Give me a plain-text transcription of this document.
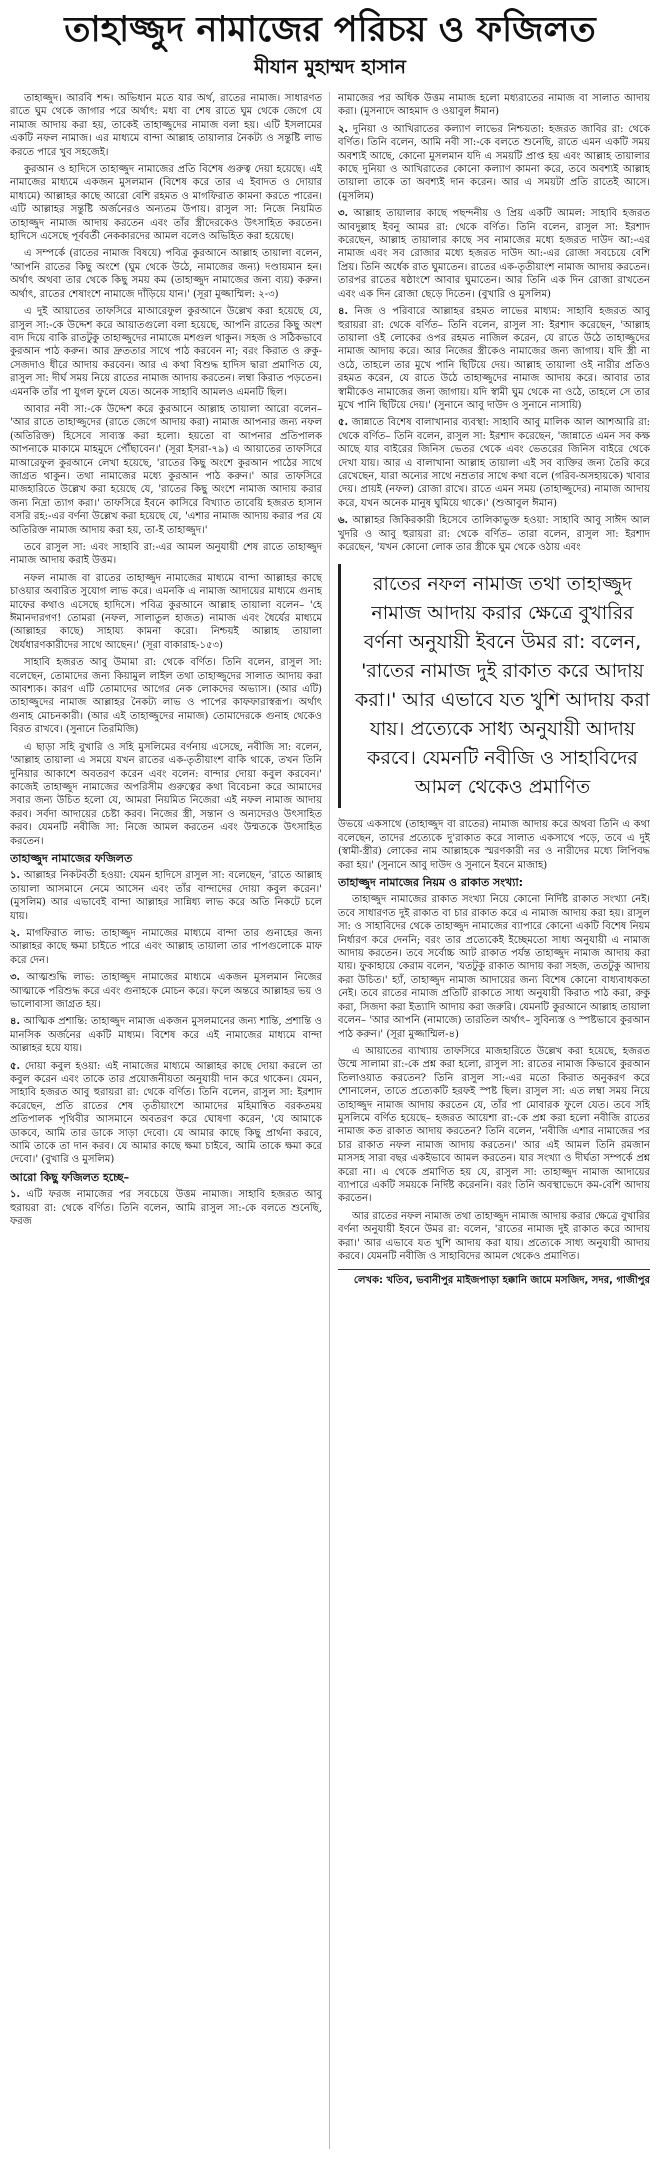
তাহাজ্জুদ নামাজের পরিচয় ও ফজিলত
মীযান মুহাম্মদ হাসান

তাহাজ্জুদ। আরবি শব্দ। অভিধান মতে যার অর্থ, রাতের নামাজ। সাধারণত রাতে ঘুম থেকে জাগার পরে অর্থাৎ: মধ্য বা শেষ রাতে ঘুম থেকে জেগে যে নামাজ আদায় করা হয়, তাকেই তাহাজ্জুদের নামাজ বলা হয়। এটি ইসলামের একটি নফল নামাজ। এর মাধ্যমে বান্দা আল্লাহ তায়ালার নৈকট্য ও সন্তুষ্টি লাভ করতে পারে খুব সহজেই।

কুরআন ও হাদিসে তাহাজ্জুদ নামাজের প্রতি বিশেষ গুরুত্ব দেয়া হয়েছে। এই নামাজের মাধ্যমে একজন মুসলমান (বিশেষ করে তার এ ইবাদত ও দোয়ার মাধ্যমে) আল্লাহর কাছে আরো বেশি রহমত ও মাগফিরাত কামনা করতে পারেন। এটি আল্লাহর সন্তুষ্টি অর্জনেরও অন্যতম উপায়। রাসুল সা: নিজে নিয়মিত তাহাজ্জুদ নামাজ আদায় করতেন এবং তাঁর স্ত্রীদেরকেও উৎসাহিত করতেন। হাদিসে এসেছে পূর্ববর্তী নেককারদের আমল বলেও অভিহিত করা হয়েছে।

এ সম্পর্কে (রাতের নামাজ বিষয়ে) পবিত্র কুরআনে আল্লাহ তায়ালা বলেন, 'আপনি রাতের কিছু অংশে (ঘুম থেকে উঠে, নামাজের জন্য) দণ্ডায়মান হন। অর্থাৎ অথবা তার থেকে কিছু সময় কম (তাহাজ্জুদ নামাজের জন্য ব্যয়) করুন। অর্থাৎ, রাতের শেষাংশে নামাজে দাঁড়িয়ে যান।' (সূরা মুজ্জাম্মিল: ২-৩)

এ দুই আয়াতের তাফসিরে মাআরেফুল কুরআনে উল্লেখ করা হয়েছে যে, রাসুল সা:-কে উদ্দেশ করে আয়াতগুলো বলা হয়েছে, আপনি রাতের কিছু অংশ বাদ দিয়ে বাকি রাতটুকু তাহাজ্জুদের নামাজে মশগুল থাকুন। সহজ ও সঠিকভাবে কুরআন পাঠ করুন। আর দ্রুততার সাথে পাঠ করবেন না; বরং কিরাত ও রুকু-সেজদাও ধীরে আদায় করবেন। আর এ কথা বিশুদ্ধ হাদিস দ্বারা প্রমাণিত যে, রাসুল সা: দীর্ঘ সময় নিয়ে রাতের নামাজ আদায় করতেন। লম্বা কিরাত পড়তেন। এমনকি তাঁর পা যুগল ফুলে যেত। অনেক সাহাবি আমলও এমনটি ছিল।

আবার নবী সা:-কে উদ্দেশ করে কুরআনে আল্লাহ তায়ালা আরো বলেন– 'আর রাতে তাহাজ্জুদের (রাতে জেগে আদায় করা) নামাজ আপনার জন্য নফল (অতিরিক্ত) হিসেবে সাব্যস্ত করা হলো। হয়তো বা আপনার প্রতিপালক আপনাকে মাকামে মাহমুদে পৌঁছাবেন।' (সূরা ইসরা-৭৯) এ আয়াতের তাফসিরে মাআরেফুল কুরআনে লেখা হয়েছে, 'রাতের কিছু অংশে কুরআন পাঠের সাথে জাগ্রত থাকুন। তথা নামাজের মধ্যে কুরআন পাঠ করুন।' আর তাফসিরে মাজহারিতে উল্লেখ করা হয়েছে যে, 'রাতের কিছু অংশে নামাজ আদায় করার জন্য নিদ্রা ত্যাগ করা।' তাফসিরে ইবনে কাসিরে বিখ্যাত তাবেয়ি হজরত হাসান বসরি রহ:-এর বর্ণনা উল্লেখ করা হয়েছে যে, 'এশার নামাজ আদায় করার পর যে অতিরিক্ত নামাজ আদায় করা হয়, তা-ই তাহাজ্জুদ।'

তবে রাসুল সা: এবং সাহাবি রা:-এর আমল অনুযায়ী শেষ রাতে তাহাজ্জুদ নামাজ আদায় করাই উত্তম।

নফল নামাজ বা রাতের তাহাজ্জুদ নামাজের মাধ্যমে বান্দা আল্লাহর কাছে চাওয়ার অবারিত সুযোগ লাভ করে। এমনকি এ নামাজ আদায়ের মাধ্যমে গুনাহ মাফের কথাও এসেছে হাদিসে। পবিত্র কুরআনে আল্লাহ তায়ালা বলেন– 'হে ঈমানদারগণ! তোমরা (নফল, সালাতুল হাজত) নামাজ এবং ধৈর্যের মাধ্যমে (আল্লাহর কাছে) সাহায্য কামনা করো। নিশ্চয়ই আল্লাহ তায়ালা ধৈর্যধারণকারীদের সাথে আছেন।' (সূরা বাকারাহ-১৫৩)

সাহাবি হজরত আবু উমামা রা: থেকে বর্ণিত। তিনি বলেন, রাসুল সা: বলেছেন, তোমাদের জন্য কিয়ামুল লাইল তথা তাহাজ্জুদের সালাত আদায় করা আবশ্যক। কারণ এটি তোমাদের আগের নেক লোকদের অভ্যাস। (আর এটি) তাহাজ্জুদের নামাজ আল্লাহর নৈকট্য লাভ ও পাপের কাফফারাস্বরূপ। অর্থাৎ গুনাহ মোচনকারী। (আর এই তাহাজ্জুদের নামাজ) তোমাদেরকে গুনাহ থেকেও বিরত রাখবে। (সুনানে তিরমিজি)

এ ছাড়া সহি বুখারি ও সহি মুসলিমের বর্ণনায় এসেছে, নবীজি সা: বলেন, 'আল্লাহ তায়ালা এ সময়ে যখন রাতের এক-তৃতীয়াংশ বাকি থাকে, তখন তিনি দুনিয়ার আকাশে অবতরণ করেন এবং বলেন: বান্দার দোয়া কবুল করবেন।' কাজেই তাহাজ্জুদ নামাজের অপরিসীম গুরুত্বের কথা বিবেচনা করে আমাদের সবার জন্য উচিত হলো যে, আমরা নিয়মিত নিজেরা এই নফল নামাজ আদায় করব। সর্বদা আদায়ের চেষ্টা করব। নিজের স্ত্রী, সন্তান ও অন্যদেরও উৎসাহিত করব। যেমনটি নবীজি সা: নিজে আমল করতেন এবং উম্মতকে উৎসাহিত করতেন।

তাহাজ্জুদ নামাজের ফজিলত
১. আল্লাহর নিকটবর্তী হওয়া: যেমন হাদিসে রাসুল সা: বলেছেন, 'রাতে আল্লাহ তায়ালা আসমানে নেমে আসেন এবং তাঁর বান্দাদের দোয়া কবুল করেন।' (মুসলিম) আর এভাবেই বান্দা আল্লাহর সান্নিধ্য লাভ করে অতি নিকটে চলে যায়।
২. মাগফিরাত লাভ: তাহাজ্জুদ নামাজের মাধ্যমে বান্দা তার গুনাহের জন্য আল্লাহর কাছে ক্ষমা চাইতে পারে এবং আল্লাহ তায়ালা তার পাপগুলোকে মাফ করে দেন।
৩. আত্মশুদ্ধি লাভ: তাহাজ্জুদ নামাজের মাধ্যমে একজন মুসলমান নিজের আত্মাকে পরিশুদ্ধ করে এবং গুনাহকে মোচন করে। ফলে অন্তরে আল্লাহর ভয় ও ভালোবাসা জাগ্রত হয়।
৪. আত্মিক প্রশান্তি: তাহাজ্জুদ নামাজ একজন মুসলমানের জন্য শান্তি, প্রশান্তি ও মানসিক অর্জনের একটি মাধ্যম। বিশেষ করে এই নামাজের মাধ্যমে বান্দা আল্লাহর হয়ে যায়।
৫. দোয়া কবুল হওয়া: এই নামাজের মাধ্যমে আল্লাহর কাছে দোয়া করলে তা কবুল করেন এবং তাকে তার প্রয়োজনীয়তা অনুযায়ী দান করে থাকেন। যেমন, সাহাবি হজরত আবু হুরায়রা রা: থেকে বর্ণিত। তিনি বলেন, রাসুল সা: ইরশাদ করেছেন, প্রতি রাতের শেষ তৃতীয়াংশে আমাদের মহিমান্বিত বরকতময় প্রতিপালক পৃথিবীর আসমানে অবতরণ করে ঘোষণা করেন, 'যে আমাকে ডাকবে, আমি তার ডাকে সাড়া দেবো। যে আমার কাছে কিছু প্রার্থনা করবে, আমি তাকে তা দান করব। যে আমার কাছে ক্ষমা চাইবে, আমি তাকে ক্ষমা করে দেবো।' (বুখারি ও মুসলিম)
আরো কিছু ফজিলত হচ্ছে–
১. এটি ফরজ নামাজের পর সবচেয়ে উত্তম নামাজ। সাহাবি হজরত আবু হুরায়রা রা: থেকে বর্ণিত। তিনি বলেন, আমি রাসুল সা:-কে বলতে শুনেছি, ফরজ

নামাজের পর অধিক উত্তম নামাজ হলো মধ্যরাতের নামাজ বা সালাত আদায় করা। (মুসনাদে আহমাদ ও ওয়াবুল ঈমান)

২. দুনিয়া ও আখিরাতের কল্যাণ লাভের নিশ্চয়তা: হজরত জাবির রা: থেকে বর্ণিত। তিনি বলেন, আমি নবী সা:-কে বলতে শুনেছি, রাতে এমন একটি সময় অবশ্যই আছে, কোনো মুসলমান যদি এ সময়টি প্রাপ্ত হয় এবং আল্লাহ তায়ালার কাছে দুনিয়া ও আখিরাতের কোনো কল্যাণ কামনা করে, তবে অবশ্যই আল্লাহ তায়ালা তাকে তা অবশ্যই দান করেন। আর এ সময়টা প্রতি রাতেই আসে। (মুসলিম)
৩. আল্লাহ তায়ালার কাছে পছন্দনীয় ও প্রিয় একটি আমল: সাহাবি হজরত আবদুল্লাহ ইবনু আমর রা: থেকে বর্ণিত। তিনি বলেন, রাসুল সা: ইরশাদ করেছেন, আল্লাহ তায়ালার কাছে সব নামাজের মধ্যে হজরত দাউদ আ:-এর নামাজ এবং সব রোজার মধ্যে হজরত দাউদ আ:-এর রোজা সবচেয়ে বেশি প্রিয়। তিনি অর্ধেক রাত ঘুমাতেন। রাতের এক-তৃতীয়াংশ নামাজ আদায় করতেন। তারপর রাতের ষষ্ঠাংশে আবার ঘুমাতেন। আর তিনি এক দিন রোজা রাখতেন এবং এক দিন রোজা ছেড়ে দিতেন। (বুখারি ও মুসলিম)
৪. নিজ ও পরিবারে আল্লাহর রহমত লাভের মাধ্যম: সাহাবি হজরত আবু হুরায়রা রা: থেকে বর্ণিত– তিনি বলেন, রাসুল সা: ইরশাদ করেছেন, 'আল্লাহ তায়ালা ওই লোকের ওপর রহমত নাজিল করেন, যে রাতে উঠে তাহাজ্জুদের নামাজ আদায় করে। আর নিজের স্ত্রীকেও নামাজের জন্য জাগায়। যদি স্ত্রী না ওঠে, তাহলে তার মুখে পানি ছিটিয়ে দেয়। আল্লাহ তায়ালা ওই নারীর প্রতিও রহমত করেন, যে রাতে উঠে তাহাজ্জুদের নামাজ আদায় করে। আবার তার স্বামীকেও নামাজের জন্য জাগায়। যদি স্বামী ঘুম থেকে না ওঠে, তাহলে সে তার মুখে পানি ছিটিয়ে দেয়।' (সুনানে আবু দাউদ ও সুনানে নাসায়ি)
৫. জান্নাতে বিশেষ বালাখানার ব্যবস্থা: সাহাবি আবু মালিক আল আশআরি রা: থেকে বর্ণিত– তিনি বলেন, রাসুল সা: ইরশাদ করেছেন, 'জান্নাতে এমন সব কক্ষ আছে যার বাইরের জিনিস ভেতর থেকে এবং ভেতরের জিনিস বাইরে থেকে দেখা যায়। আর এ বালাখানা আল্লাহ তায়ালা এই সব ব্যক্তির জন্য তৈরি করে রেখেছেন, যারা অন্যের সাথে নম্রতার সাথে কথা বলে (গরিব-অসহায়কে) খাবার দেয়। প্রায়ই (নফল) রোজা রাখে। রাতে এমন সময় (তাহাজ্জুদের) নামাজ আদায় করে, যখন অনেক মানুষ ঘুমিয়ে থাকে।' (শুআবুল ঈমান)
৬. আল্লাহর জিকিরকারী হিসেবে তালিকাভুক্ত হওয়া: সাহাবি আবু সাঈদ আল খুদরি ও আবু হুরায়রা রা: থেকে বর্ণিত– তারা বলেন, রাসুল সা: ইরশাদ করেছেন, 'যখন কোনো লোক তার স্ত্রীকে ঘুম থেকে ওঠায় এবং
রাতের নফল নামাজ তথা তাহাজ্জুদ নামাজ আদায় করার ক্ষেত্রে বুখারির বর্ণনা অনুযায়ী ইবনে উমর রা: বলেন, 'রাতের নামাজ দুই রাকাত করে আদায় করা।' আর এভাবে যত খুশি আদায় করা যায়। প্রত্যেকে সাধ্য অনুযায়ী আদায় করবে। যেমনটি নবীজি ও সাহাবিদের আমল থেকেও প্রমাণিত

উভয়ে একসাথে (তাহাজ্জুদ বা রাতের) নামাজ আদায় করে অথবা তিনি এ কথা বলেছেন, তাদের প্রত্যেকে দু'রাকাত করে সালাত একসাথে পড়ে, তবে এ দুই (স্বামী-স্ত্রীর) লোকের নাম আল্লাহকে স্মরণকারী নর ও নারীদের মধ্যে লিপিবদ্ধ করা হয়।' (সুনানে আবু দাউদ ও সুনানে ইবনে মাজাহ)

তাহাজ্জুদ নামাজের নিয়ম ও রাকাত সংখ্যা:

তাহাজ্জুদ নামাজের রাকাত সংখ্যা নিয়ে কোনো নির্দিষ্ট রাকাত সংখ্যা নেই। তবে সাধারণত দুই রাকাত বা চার রাকাত করে এ নামাজ আদায় করা হয়। রাসুল সা: ও সাহাবিদের থেকে তাহাজ্জুদ নামাজের ব্যাপারে কোনো একটি বিশেষ নিয়ম নির্ধারণ করে দেননি; বরং তার প্রত্যেকেই ইচ্ছেমতো সাধ্য অনুযায়ী এ নামাজ আদায় করতেন। তবে সর্বোচ্চ আট রাকাত পর্যন্ত তাহাজ্জুদ নামাজ আদায় করা যায়। ফুকাহায়ে কেরাম বলেন, 'যতটুকু রাকাত আদায় করা সহজ, ততটুকু আদায় করা উচিত।' হ্যাঁ, তাহাজ্জুদ নামাজ আদায়ের জন্য বিশেষ কোনো বাধ্যবাধকতা নেই। তবে রাতের নামাজ প্রতিটি রাকাতে সাধ্য অনুযায়ী কিরাত পাঠ করা, রুকু করা, সিজদা করা ইত্যাদি আদায় করা জরুরি। যেমনটি কুরআনে আল্লাহ তায়ালা বলেন– 'আর আপনি (নামাজে) তারতিল অর্থাৎ– সুবিন্যস্ত ও স্পষ্টভাবে কুরআন পাঠ করুন।' (সূরা মুজ্জাম্মিল-৪)

এ আয়াতের ব্যাখ্যায় তাফসিরে মাজহারিতে উল্লেখ করা হয়েছে, হজরত উম্মে সালামা রা:-কে প্রশ্ন করা হলো, রাসুল সা: রাতের নামাজ কিভাবে কুরআন তিলাওয়াত করতেন? তিনি রাসুল সা:-এর মতো কিরাত অনুকরণ করে শোনালেন, তাতে প্রত্যেকটি হরফই স্পষ্ট ছিল। রাসুল সা: এত লম্বা সময় নিয়ে তাহাজ্জুদ নামাজ আদায় করতেন যে, তাঁর পা মোবারক ফুলে যেত। তবে সহি মুসলিমে বর্ণিত হয়েছে– হজরত আয়েশা রা:-কে প্রশ্ন করা হলো নবীজি রাতের নামাজ কত রাকাত আদায় করতেন? তিনি বলেন, 'নবীজি এশার নামাজের পর চার রাকাত নফল নামাজ আদায় করতেন।' আর এই আমল তিনি রমজান মাসসহ সারা বছর একইভাবে আমল করতেন। যার সংখ্যা ও দীর্ঘতা সম্পর্কে প্রশ্ন করো না। এ থেকে প্রমাণিত হয় যে, রাসুল সা: তাহাজ্জুদ নামাজ আদায়ের ব্যাপারে একটি সময়কে নির্দিষ্ট করেননি। বরং তিনি অবস্থাভেদে কম-বেশি আদায় করতেন।

আর রাতের নফল নামাজ তথা তাহাজ্জুদ নামাজ আদায় করার ক্ষেত্রে বুখারির বর্ণনা অনুযায়ী ইবনে উমর রা: বলেন, 'রাতের নামাজ দুই রাকাত করে আদায় করা।' আর এভাবে যত খুশি আদায় করা যায়। প্রত্যেকে সাধ্য অনুযায়ী আদায় করবে। যেমনটি নবীজি ও সাহাবিদের আমল থেকেও প্রমাণিত।

লেখক: খতিব, ভবানীপুর মাইজপাড়া হক্কানি জামে মসজিদ, সদর, গাজীপুর
